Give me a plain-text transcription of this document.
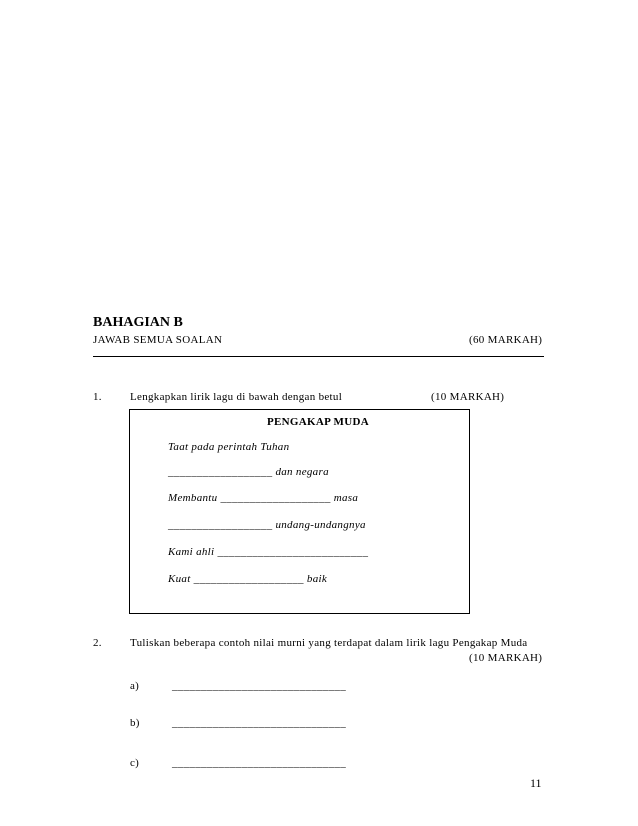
BAHAGIAN B
JAWAB SEMUA SOALAN	(60 MARKAH)
1.	Lengkapkan lirik lagu di bawah dengan betul	(10 MARKAH)
PENGAKAP MUDA
Taat pada perintah Tuhan
__________________ dan negara
Membantu ___________________ masa
__________________ undang-undangnya
Kami ahli __________________________
Kuat ___________________ baik
2.	Tuliskan beberapa contoh nilai murni yang terdapat dalam lirik lagu Pengakap Muda
(10 MARKAH)
a)	______________________________
b)	______________________________
c)	______________________________
11
